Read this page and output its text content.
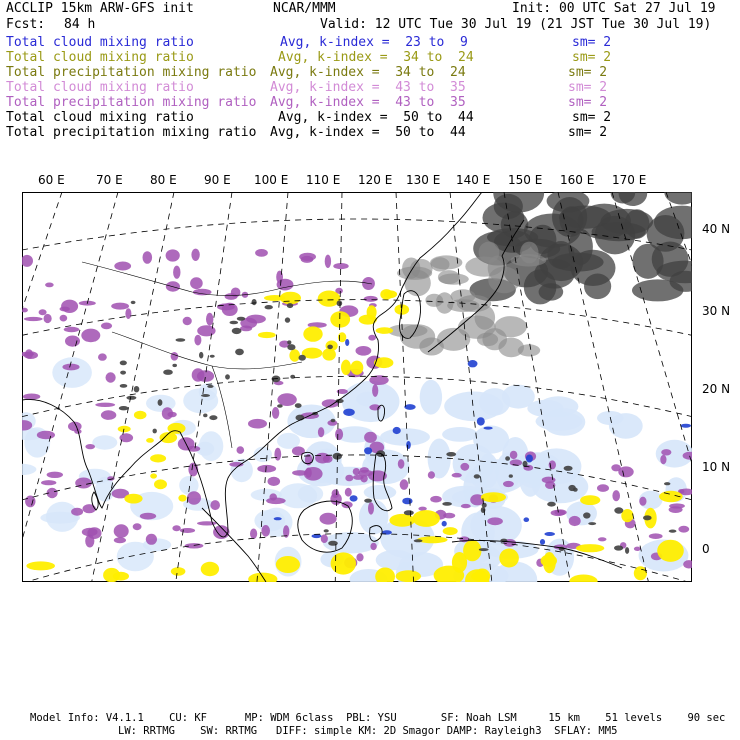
ACCLIP 15km ARW-GFS init	NCAR/MMM	Init: 00 UTC Sat 27 Jul 19
Fcst: 84 h	Valid: 12 UTC Tue 30 Jul 19 (21 JST Tue 30 Jul 19)
Total cloud mixing ratio	Avg, k-index =  23 to  9	sm= 2
Total cloud mixing ratio	Avg, k-index =  34 to  24	sm= 2
Total precipitation mixing ratio Avg, k-index =  34 to  24	sm= 2
Total cloud mixing ratio	Avg, k-index =  43 to  35	sm= 2
Total precipitation mixing ratio Avg, k-index =  43 to  35	sm= 2
Total cloud mixing ratio	Avg, k-index =  50 to  44	sm= 2
Total precipitation mixing ratio Avg, k-index =  50 to  44	sm= 2
60 E	70 E 80 E 90 E 100 E 110 E 120 E 130 E 140 E 150 E 160 E 170 E
40 N
30 N
20 N
10 N
0
Model Info: V4.1.1    CU: KF      MP: WDM 6class  PBL: YSU       SF: Noah LSM     15 km    51 levels    90 sec
LW: RRTMG    SW: RRTMG   DIFF: simple KM: 2D Smagor DAMP: Rayleigh3  SFLAY: MM5
